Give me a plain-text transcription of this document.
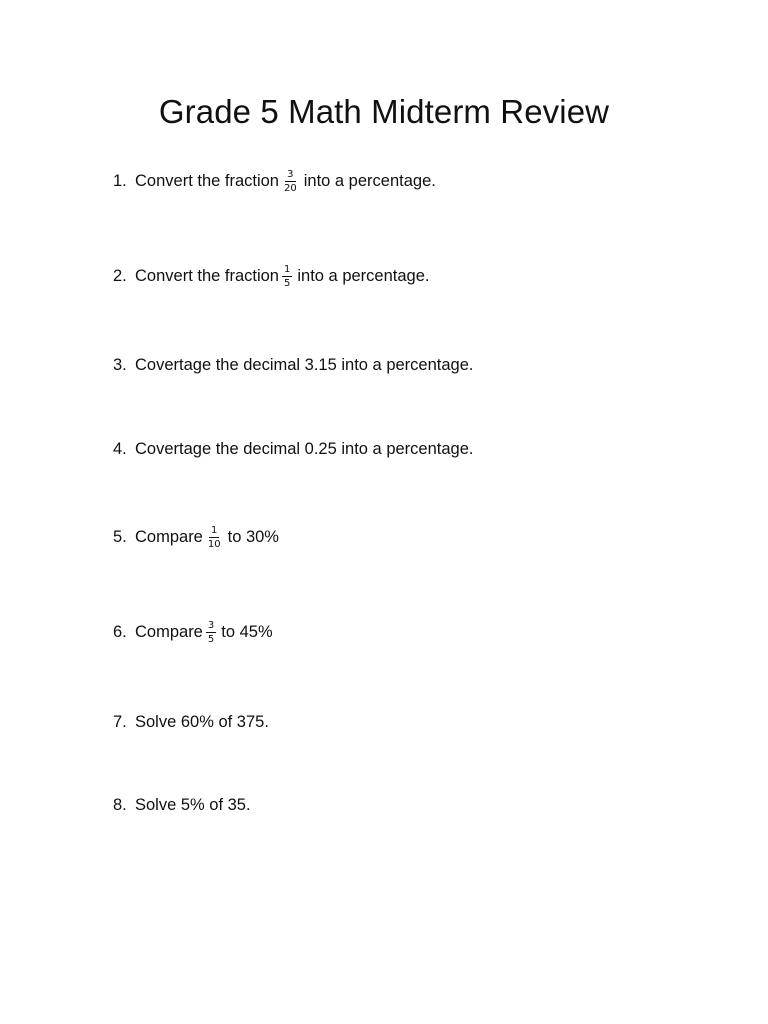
Grade 5 Math Midterm Review
1. Convert the fraction $\frac{3}{20}$ into a percentage.
2. Convert the fraction $\frac{1}{5}$ into a percentage.
3. Covertage the decimal 3.15 into a percentage.
4. Covertage the decimal 0.25 into a percentage.
5. Compare $\frac{1}{10}$ to 30%
6. Compare $\frac{3}{5}$ to 45%
7. Solve 60% of 375.
8. Solve 5% of 35.
